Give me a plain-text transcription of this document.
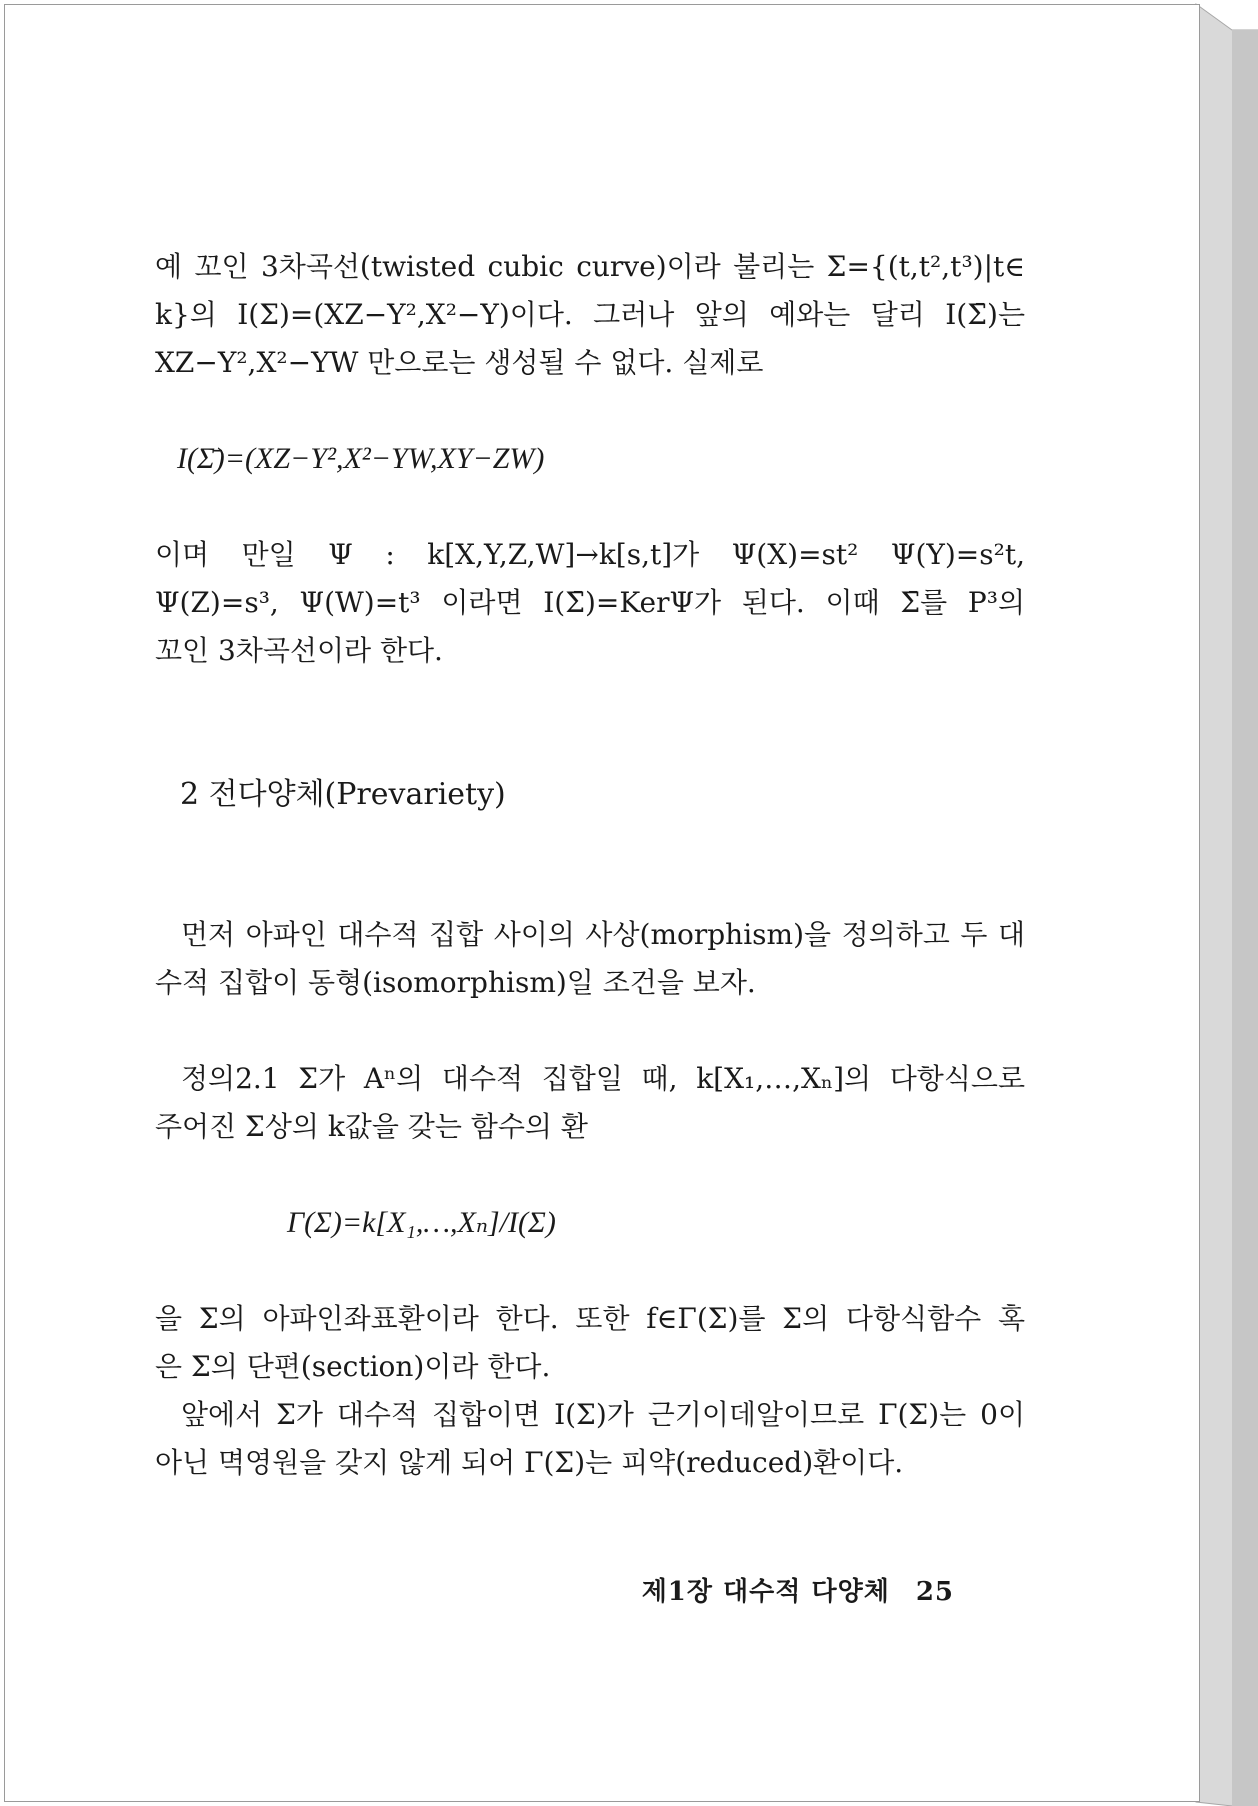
예 꼬인 3차곡선(twisted cubic curve)이라 불리는 Σ={(t,t²,t³)|t∈

k}의 I(Σ)=(XZ−Y²,X²−Y)이다. 그러나 앞의 예와는 달리 I(Σ̄)는

XZ−Y²,X²−YW 만으로는 생성될 수 없다. 실제로

I(Σ̄)=(XZ−Y²,X²−YW,XY−ZW)

이며 만일 Ψ : k[X,Y,Z,W]→k[s,t]가 Ψ(X)=st² Ψ(Y)=s²t,

Ψ(Z)=s³, Ψ(W)=t³ 이라면 I(Σ̄)=KerΨ가 된다. 이때 Σ̄를 P³의

꼬인 3차곡선이라 한다.

2 전다양체(Prevariety)

먼저 아파인 대수적 집합 사이의 사상(morphism)을 정의하고 두 대

수적 집합이 동형(isomorphism)일 조건을 보자.

정의2.1 Σ가 Aⁿ의 대수적 집합일 때, k[X₁,…,Xₙ]의 다항식으로

주어진 Σ상의 k값을 갖는 함수의 환

Γ(Σ)=k[X₁,…,Xₙ]/I(Σ)

을 Σ의 아파인좌표환이라 한다. 또한 f∈Γ(Σ)를 Σ의 다항식함수 혹

은 Σ의 단편(section)이라 한다.

앞에서 Σ가 대수적 집합이면 I(Σ)가 근기이데알이므로 Γ(Σ)는 0이

아닌 멱영원을 갖지 않게 되어 Γ(Σ)는 피약(reduced)환이다.

제1장 대수적 다양체 25
